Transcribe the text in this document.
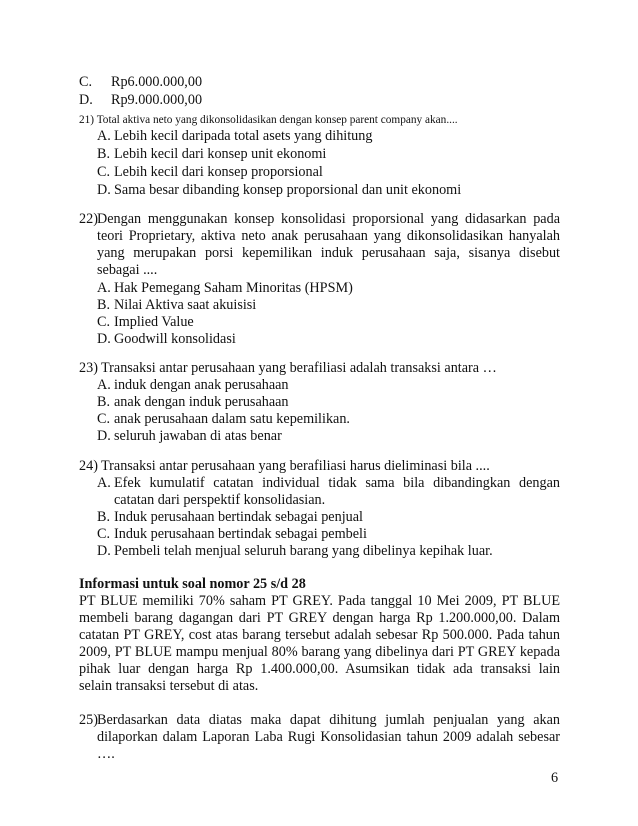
C. Rp6.000.000,00
D. Rp9.000.000,00
21) Total aktiva neto yang dikonsolidasikan dengan konsep parent company akan....
A. Lebih kecil daripada total asets yang dihitung
B. Lebih kecil dari konsep unit ekonomi
C. Lebih kecil dari konsep proporsional
D. Sama besar dibanding konsep proporsional dan unit ekonomi
22) Dengan menggunakan konsep konsolidasi proporsional yang didasarkan pada
teori Proprietary, aktiva neto anak perusahaan yang dikonsolidasikan hanyalah
yang merupakan porsi kepemilikan induk perusahaan saja, sisanya disebut
sebagai ....
A. Hak Pemegang Saham Minoritas (HPSM)
B. Nilai Aktiva saat akuisisi
C. Implied Value
D. Goodwill konsolidasi
23) Transaksi antar perusahaan yang berafiliasi adalah transaksi antara …
A. induk dengan anak perusahaan
B. anak dengan induk perusahaan
C. anak perusahaan dalam satu kepemilikan.
D. seluruh jawaban di atas benar
24) Transaksi antar perusahaan yang berafiliasi harus dieliminasi bila ....
A. Efek kumulatif catatan individual tidak sama bila dibandingkan dengan
catatan dari perspektif konsolidasian.
B. Induk perusahaan bertindak sebagai penjual
C. Induk perusahaan bertindak sebagai pembeli
D. Pembeli telah menjual seluruh barang yang dibelinya kepihak luar.
Informasi untuk soal nomor 25 s/d 28
PT BLUE memiliki 70% saham PT GREY. Pada tanggal 10 Mei 2009, PT BLUE
membeli barang dagangan dari PT GREY dengan harga Rp 1.200.000,00. Dalam
catatan PT GREY, cost atas barang tersebut adalah sebesar Rp 500.000. Pada tahun
2009, PT BLUE mampu menjual 80% barang yang dibelinya dari PT GREY kepada
pihak luar dengan harga Rp 1.400.000,00. Asumsikan tidak ada transaksi lain
selain transaksi tersebut di atas.
25) Berdasarkan data diatas maka dapat dihitung jumlah penjualan yang akan
dilaporkan dalam Laporan Laba Rugi Konsolidasian tahun 2009 adalah sebesar
….
6
